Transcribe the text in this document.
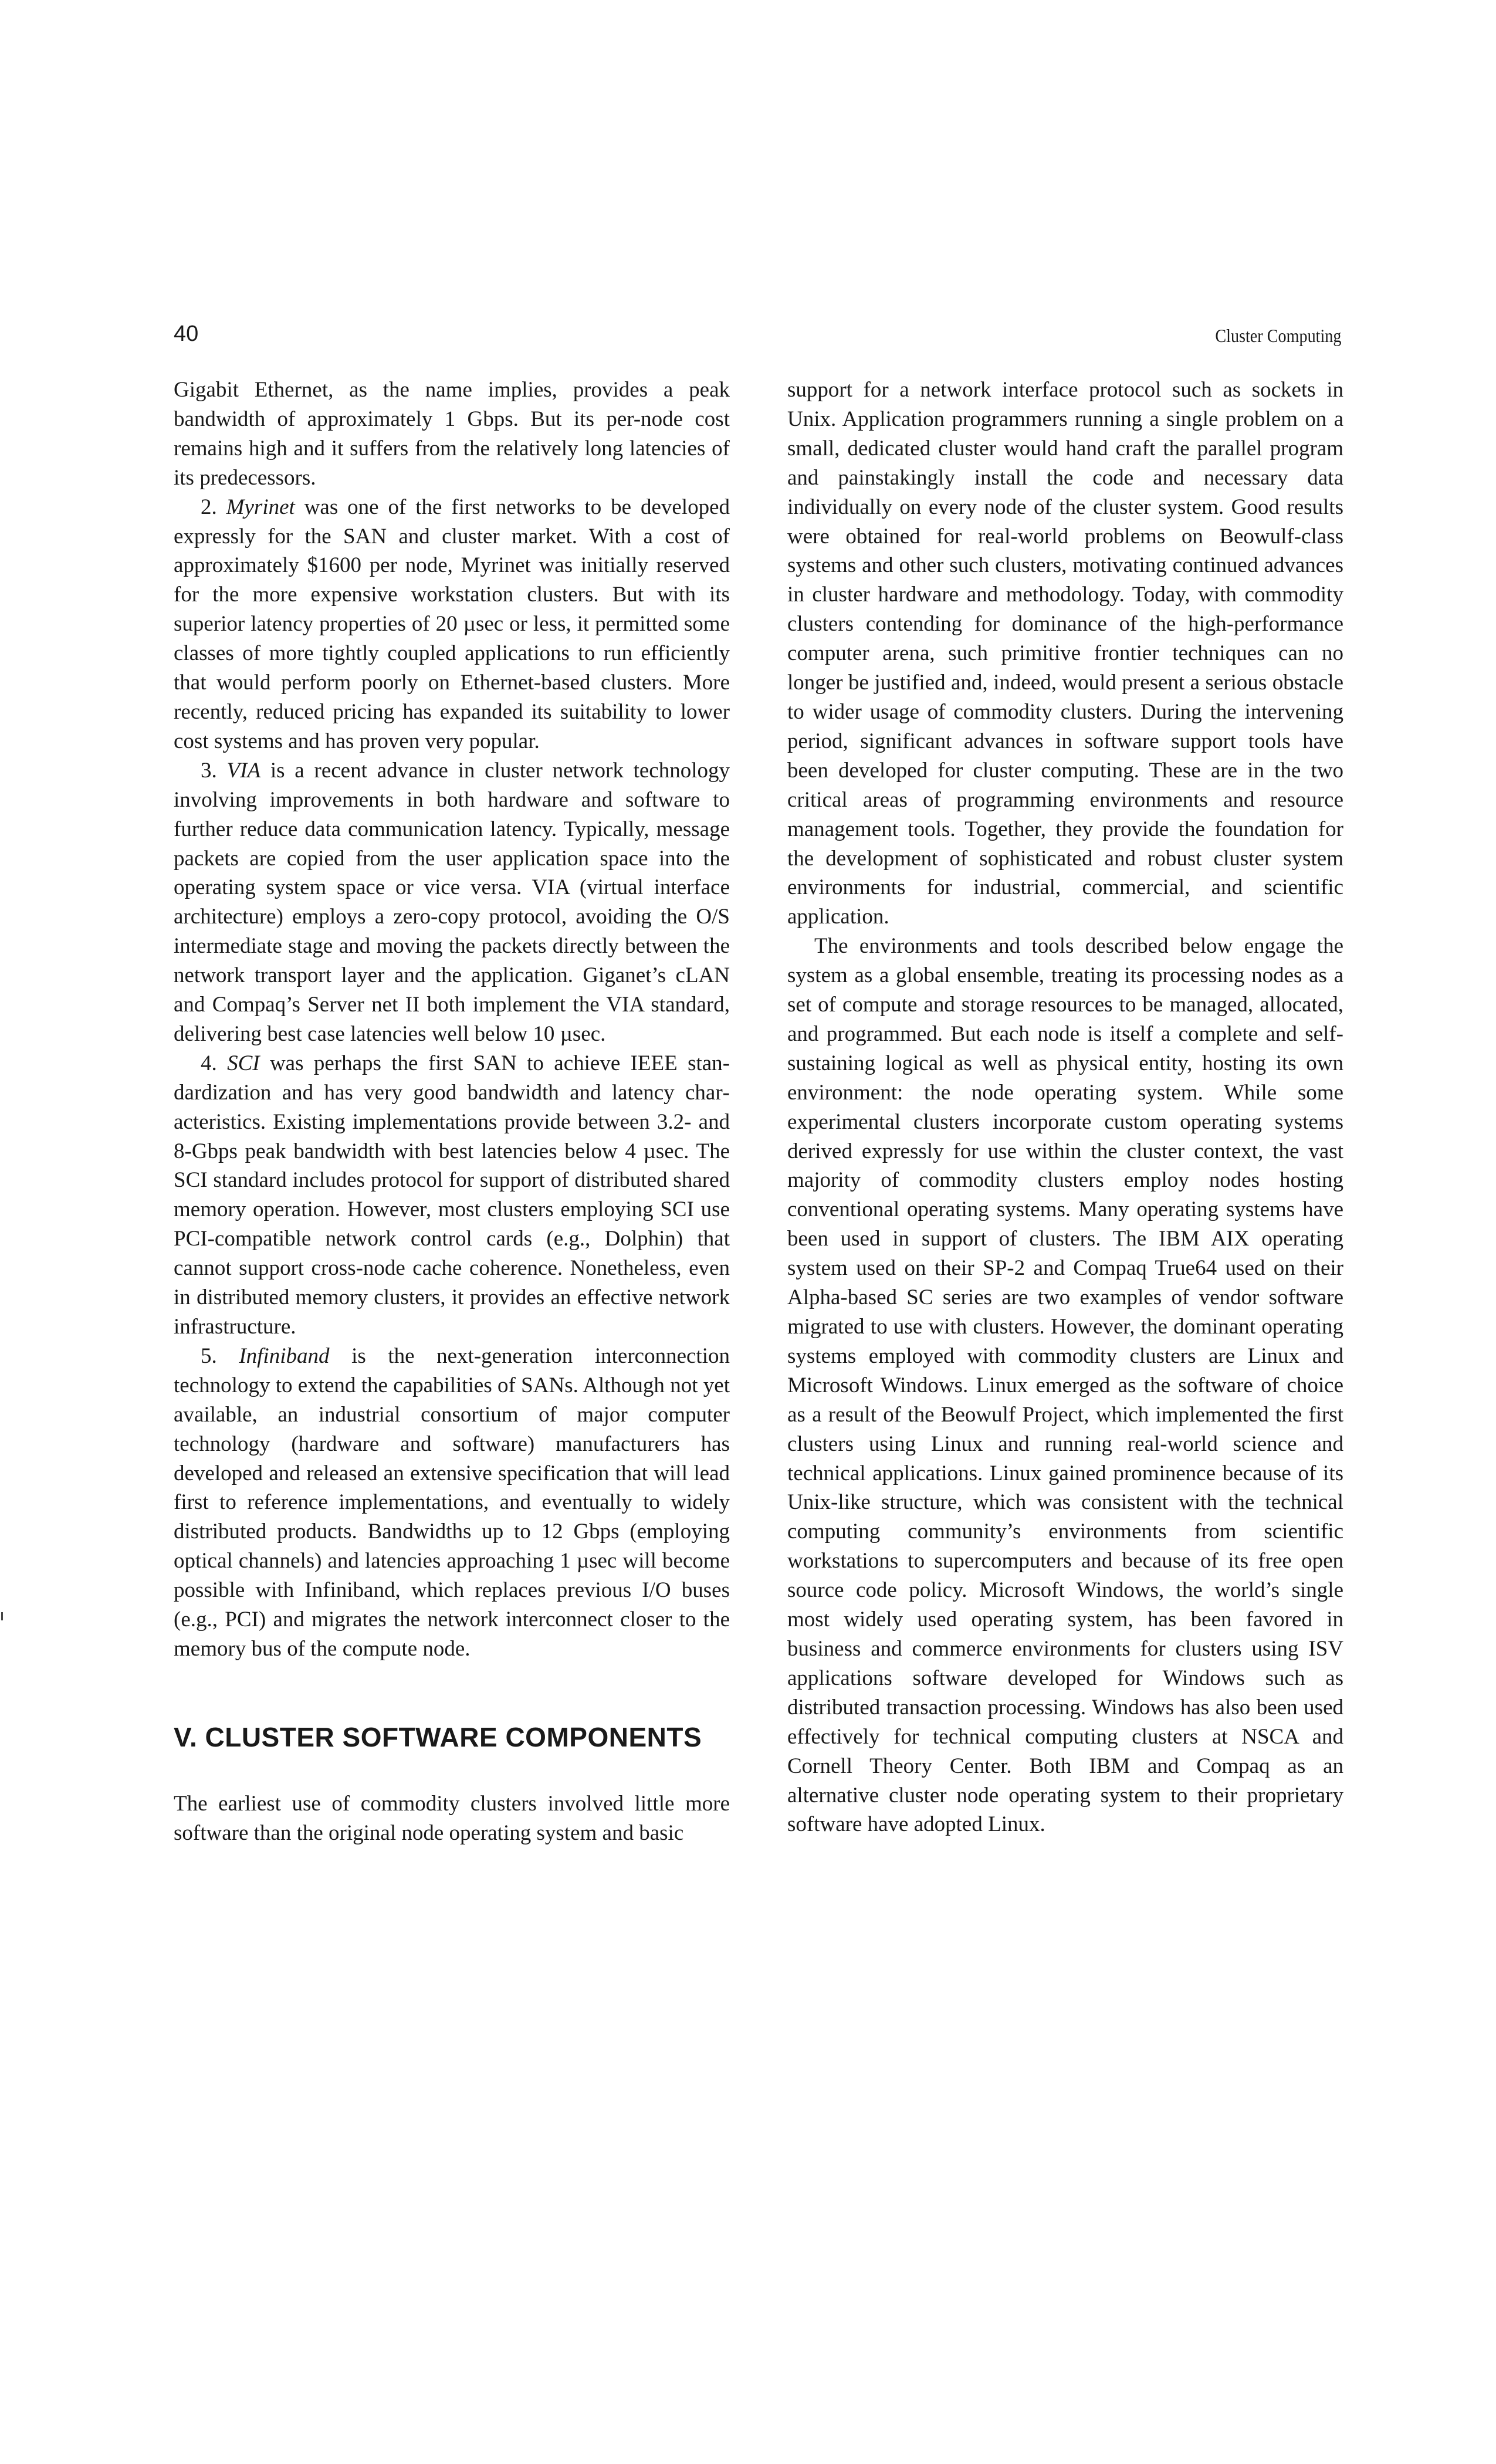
40	Cluster Computing

Gigabit Ethernet, as the name implies, provides a peak bandwidth of approximately 1 Gbps. But its per-node cost remains high and it suffers from the relatively long latencies of its predecessors.

2. Myrinet was one of the first networks to be developed expressly for the SAN and cluster market. With a cost of approximately $1600 per node, Myrinet was initially reserved for the more expensive workstation clusters. But with its superior latency properties of 20 µsec or less, it permitted some classes of more tightly coupled applications to run efficiently that would perform poorly on Ethernet-based clusters. More recently, reduced pricing has expanded its suitability to lower cost systems and has proven very popular.

3. VIA is a recent advance in cluster network technology involving improvements in both hardware and software to further reduce data communication latency. Typically, message packets are copied from the user application space into the operating system space or vice versa. VIA (virtual interface architecture) employs a zero-copy protocol, avoiding the O/S intermediate stage and moving the packets directly between the network transport layer and the application. Giganet’s cLAN and Compaq’s Server net II both implement the VIA standard, delivering best case latencies well below 10 µsec.

4. SCI was perhaps the first SAN to achieve IEEE standardization and has very good bandwidth and latency characteristics. Existing implementations provide between 3.2- and 8-Gbps peak bandwidth with best latencies below 4 µsec. The SCI standard includes protocol for support of distributed shared memory operation. However, most clusters employing SCI use PCI-compatible network control cards (e.g., Dolphin) that cannot support cross-node cache coherence. Nonetheless, even in distributed memory clusters, it provides an effective network infrastructure.

5. Infiniband is the next-generation interconnection technology to extend the capabilities of SANs. Although not yet available, an industrial consortium of major computer technology (hardware and software) manufacturers has developed and released an extensive specification that will lead first to reference implementations, and eventually to widely distributed products. Bandwidths up to 12 Gbps (employing optical channels) and latencies approaching 1 µsec will become possible with Infiniband, which replaces previous I/O buses (e.g., PCI) and migrates the network interconnect closer to the memory bus of the compute node.

V. CLUSTER SOFTWARE COMPONENTS

The earliest use of commodity clusters involved little more software than the original node operating system and basic

support for a network interface protocol such as sockets in Unix. Application programmers running a single problem on a small, dedicated cluster would hand craft the parallel program and painstakingly install the code and necessary data individually on every node of the cluster system. Good results were obtained for real-world problems on Beowulf-class systems and other such clusters, motivating continued advances in cluster hardware and methodology. Today, with commodity clusters contending for dominance of the high-performance computer arena, such primitive frontier techniques can no longer be justified and, indeed, would present a serious obstacle to wider usage of commodity clusters. During the intervening period, significant advances in software support tools have been developed for cluster computing. These are in the two critical areas of programming environments and resource management tools. Together, they provide the foundation for the development of sophisticated and robust cluster system environments for industrial, commercial, and scientific application.

The environments and tools described below engage the system as a global ensemble, treating its processing nodes as a set of compute and storage resources to be managed, allocated, and programmed. But each node is itself a complete and self-sustaining logical as well as physical entity, hosting its own environment: the node operating system. While some experimental clusters incorporate custom operating systems derived expressly for use within the cluster context, the vast majority of commodity clusters employ nodes hosting conventional operating systems. Many operating systems have been used in support of clusters. The IBM AIX operating system used on their SP-2 and Compaq True64 used on their Alpha-based SC series are two examples of vendor software migrated to use with clusters. However, the dominant operating systems employed with commodity clusters are Linux and Microsoft Windows. Linux emerged as the software of choice as a result of the Beowulf Project, which implemented the first clusters using Linux and running real-world science and technical applications. Linux gained prominence because of its Unix-like structure, which was consistent with the technical computing community’s environments from scientific workstations to supercomputers and because of its free open source code policy. Microsoft Windows, the world’s single most widely used operating system, has been favored in business and commerce environments for clusters using ISV applications software developed for Windows such as distributed transaction processing. Windows has also been used effectively for technical computing clusters at NSCA and Cornell Theory Center. Both IBM and Compaq as an alternative cluster node operating system to their proprietary software have adopted Linux.
